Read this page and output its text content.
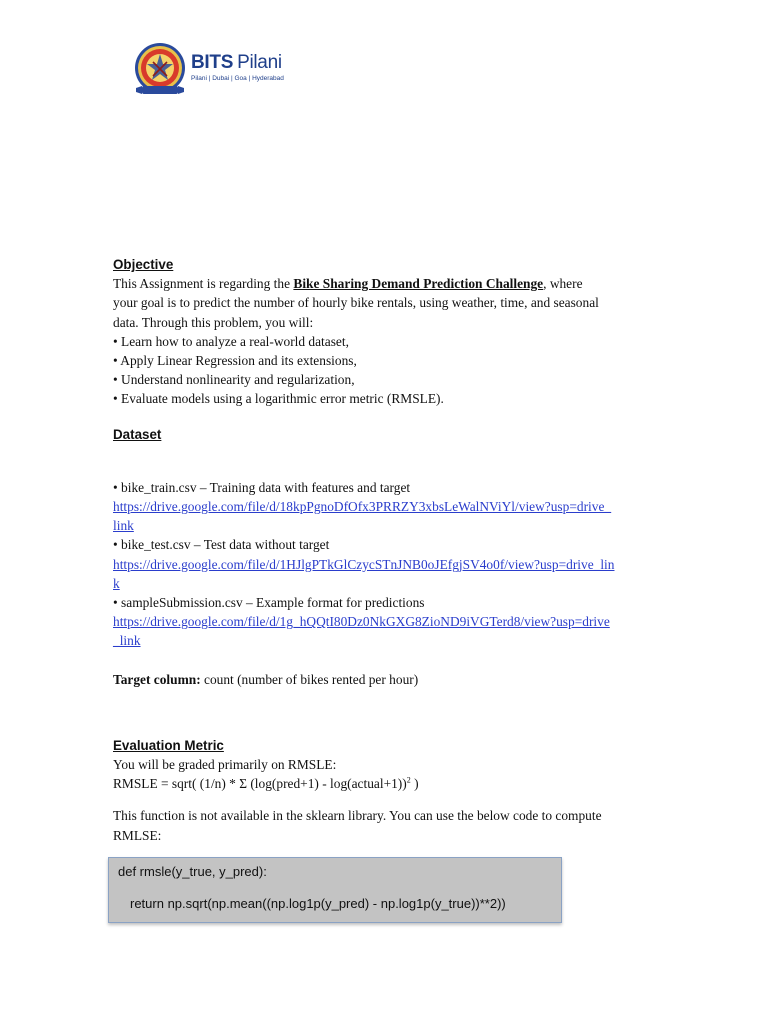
BITS Pilani
Pilani | Dubai | Goa | Hyderabad
Objective
This Assignment is regarding the Bike Sharing Demand Prediction Challenge, where
your goal is to predict the number of hourly bike rentals, using weather, time, and seasonal
data. Through this problem, you will:
• Learn how to analyze a real-world dataset,
• Apply Linear Regression and its extensions,
• Understand nonlinearity and regularization,
• Evaluate models using a logarithmic error metric (RMSLE).
Dataset
• bike_train.csv – Training data with features and target
https://drive.google.com/file/d/18kpPgnoDfOfx3PRRZY3xbsLeWalNViYl/view?usp=drive_
link
• bike_test.csv – Test data without target
https://drive.google.com/file/d/1HJlgPTkGlCzycSTnJNB0oJEfgjSV4o0f/view?usp=drive_lin
k
• sampleSubmission.csv – Example format for predictions
https://drive.google.com/file/d/1g_hQQtI80Dz0NkGXG8ZioND9iVGTerd8/view?usp=drive
_link
Target column: count (number of bikes rented per hour)
Evaluation Metric
You will be graded primarily on RMSLE:
RMSLE = sqrt( (1/n) * Σ (log(pred+1) - log(actual+1))$^2$ )
This function is not available in the sklearn library. You can use the below code to compute
RMLSE:
def rmsle(y_true, y_pred):
return np.sqrt(np.mean((np.log1p(y_pred) - np.log1p(y_true))**2))
